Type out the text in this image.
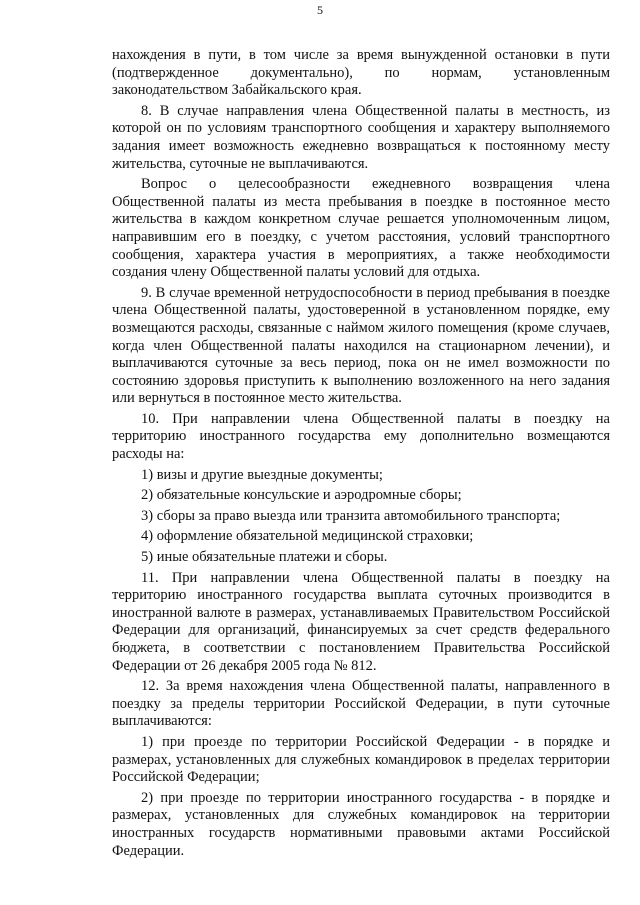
5

нахождения в пути, в том числе за время вынужденной остановки в пути (подтвержденное документально), по нормам, установленным законодательством Забайкальского края.

8. В случае направления члена Общественной палаты в местность, из которой он по условиям транспортного сообщения и характеру выполняемого задания имеет возможность ежедневно возвращаться к постоянному месту жительства, суточные не выплачиваются.

Вопрос о целесообразности ежедневного возвращения члена Общественной палаты из места пребывания в поездке в постоянное место жительства в каждом конкретном случае решается уполномоченным лицом, направившим его в поездку, с учетом расстояния, условий транспортного сообщения, характера участия в мероприятиях, а также необходимости создания члену Общественной палаты условий для отдыха.

9. В случае временной нетрудоспособности в период пребывания в поездке члена Общественной палаты, удостоверенной в установленном порядке, ему возмещаются расходы, связанные с наймом жилого помещения (кроме случаев, когда член Общественной палаты находился на стационарном лечении), и выплачиваются суточные за весь период, пока он не имел возможности по состоянию здоровья приступить к выполнению возложенного на него задания или вернуться в постоянное место жительства.

10. При направлении члена Общественной палаты в поездку на территорию иностранного государства ему дополнительно возмещаются расходы на:

1) визы и другие выездные документы;

2) обязательные консульские и аэродромные сборы;

3) сборы за право выезда или транзита автомобильного транспорта;

4) оформление обязательной медицинской страховки;

5) иные обязательные платежи и сборы.

11. При направлении члена Общественной палаты в поездку на территорию иностранного государства выплата суточных производится в иностранной валюте в размерах, устанавливаемых Правительством Российской Федерации для организаций, финансируемых за счет средств федерального бюджета, в соответствии с постановлением Правительства Российской Федерации от 26 декабря 2005 года № 812.

12. За время нахождения члена Общественной палаты, направленного в поездку за пределы территории Российской Федерации, в пути суточные выплачиваются:

1) при проезде по территории Российской Федерации - в порядке и размерах, установленных для служебных командировок в пределах территории Российской Федерации;

2) при проезде по территории иностранного государства - в порядке и размерах, установленных для служебных командировок на территории иностранных государств нормативными правовыми актами Российской Федерации.
